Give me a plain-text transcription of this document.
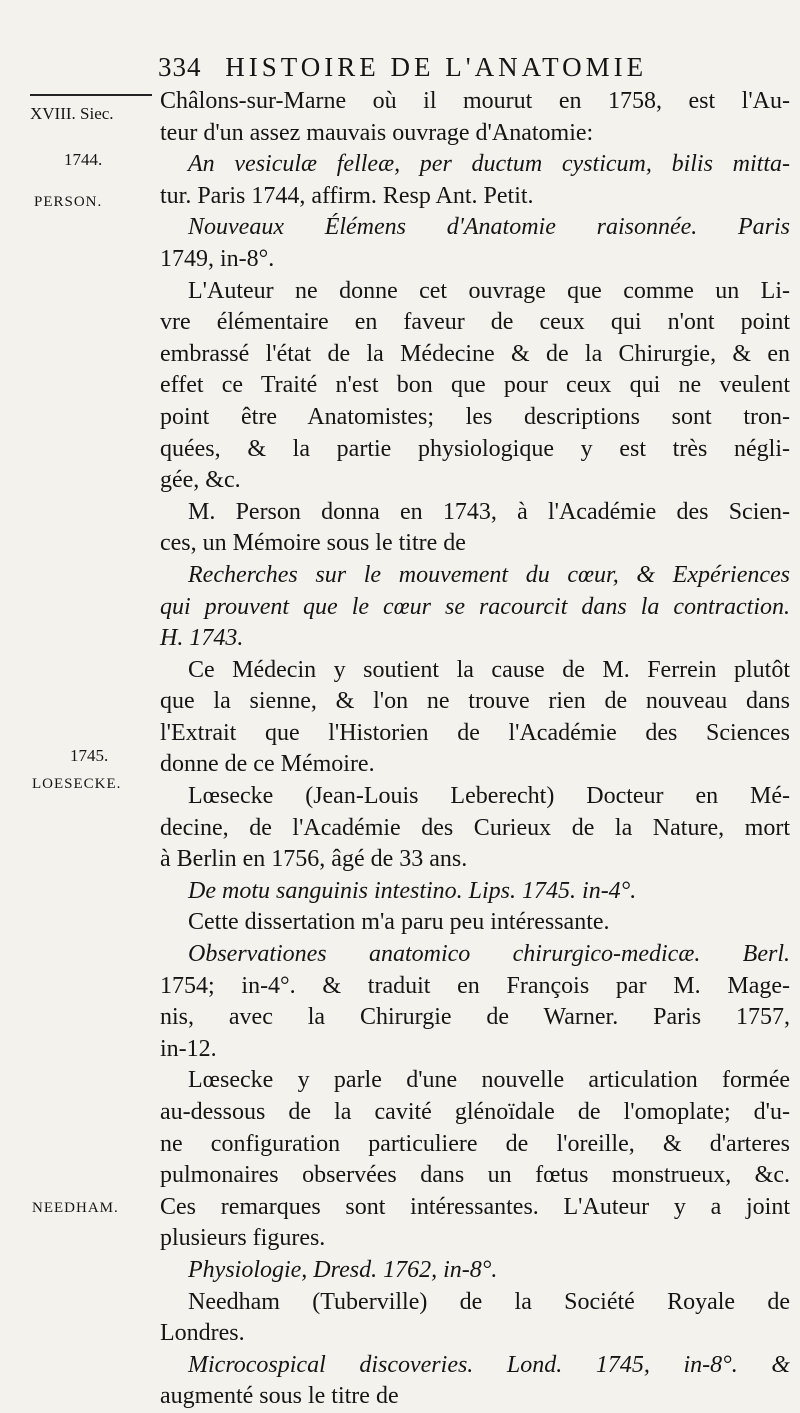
334 HISTOIRE DE L'ANATOMIE
XVIII. Siec.
1744.
PERSON.
1745.
LOESECKE.
NEEDHAM.
Châlons-sur-Marne où il mourut en 1758, est l'Au-
teur d'un assez mauvais ouvrage d'Anatomie:
An vesiculæ felleæ, per ductum cysticum, bilis mitta-
tur. Paris 1744, affirm. Resp Ant. Petit.
Nouveaux Élémens d'Anatomie raisonnée. Paris
1749, in-8°.
L'Auteur ne donne cet ouvrage que comme un Li-
vre élémentaire en faveur de ceux qui n'ont point
embrassé l'état de la Médecine & de la Chirurgie, & en
effet ce Traité n'est bon que pour ceux qui ne veulent
point être Anatomistes; les descriptions sont tron-
quées, & la partie physiologique y est très négli-
gée, &c.
M. Person donna en 1743, à l'Académie des Scien-
ces, un Mémoire sous le titre de
Recherches sur le mouvement du cœur, & Expériences
qui prouvent que le cœur se racourcit dans la contraction.
H. 1743.
Ce Médecin y soutient la cause de M. Ferrein plutôt
que la sienne, & l'on ne trouve rien de nouveau dans
l'Extrait que l'Historien de l'Académie des Sciences
donne de ce Mémoire.
Lœsecke (Jean-Louis Leberecht) Docteur en Mé-
decine, de l'Académie des Curieux de la Nature, mort
à Berlin en 1756, âgé de 33 ans.
De motu sanguinis intestino. Lips. 1745. in-4°.
Cette dissertation m'a paru peu intéressante.
Observationes anatomico chirurgico-medicæ. Berl.
1754; in-4°. & traduit en François par M. Mage-
nis, avec la Chirurgie de Warner. Paris 1757,
in-12.
Lœsecke y parle d'une nouvelle articulation formée
au-dessous de la cavité glénoïdale de l'omoplate; d'u-
ne configuration particuliere de l'oreille, & d'arteres
pulmonaires observées dans un fœtus monstrueux, &c.
Ces remarques sont intéressantes. L'Auteur y a joint
plusieurs figures.
Physiologie, Dresd. 1762, in-8°.
Needham (Tuberville) de la Société Royale de
Londres.
Microcospical discoveries. Lond. 1745, in-8°. &
augmenté sous le titre de
